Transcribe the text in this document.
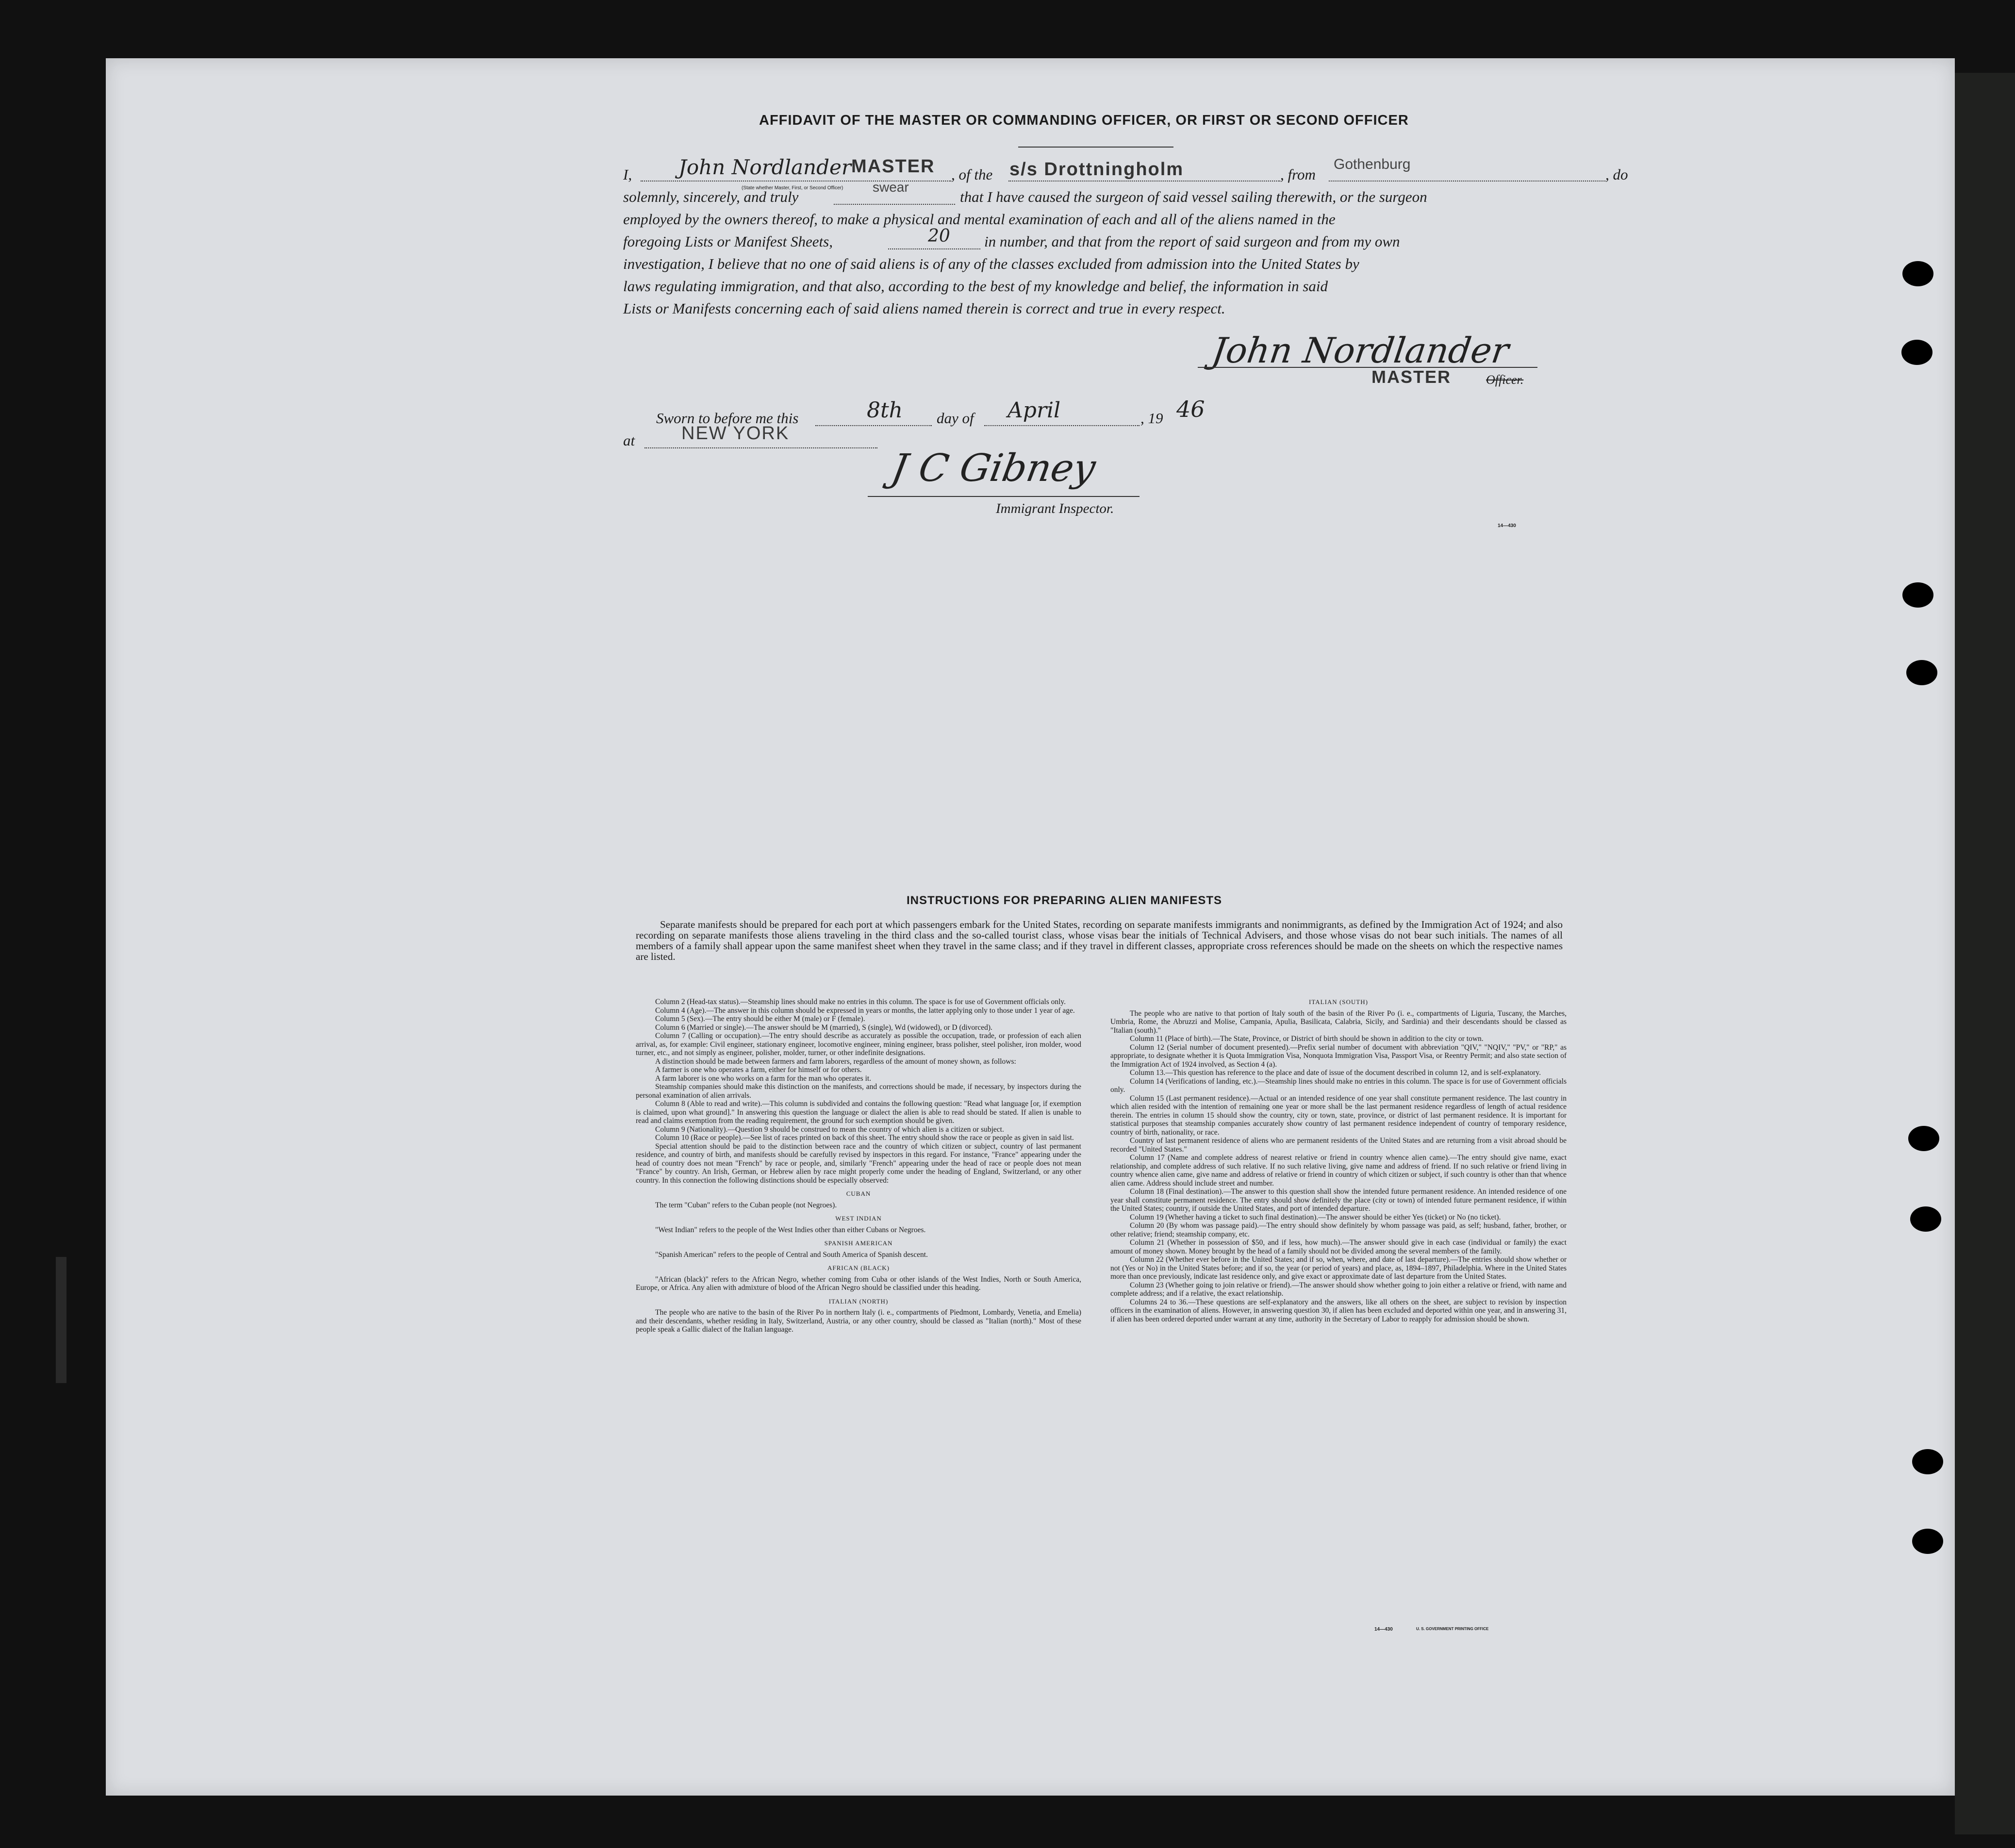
AFFIDAVIT OF THE MASTER OR COMMANDING OFFICER, OR FIRST OR SECOND OFFICER
I, John Nordlander MASTER
(State whether Master, First, or Second Officer)
, of the s/s Drottningholm	, from
Gothenburg
, do
solemnly, sincerely, and truly
swear
that I have caused the surgeon of said vessel sailing therewith, or the surgeon
employed by the owners thereof, to make a physical and mental examination of each and all of the aliens named in the
foregoing Lists or Manifest Sheets,	20 in number, and that from the report of said surgeon and from my own
investigation, I believe that no one of said aliens is of any of the classes excluded from admission into the United States by
laws regulating immigration, and that also, according to the best of my knowledge and belief, the information in said
Lists or Manifests concerning each of said aliens named therein is correct and true in every respect.
John Nordlander
MASTER	Officer.
Sworn to before me this	8th day of April	, 19 46
at	NEW YORK
J C Gibney
Immigrant Inspector.
14—430
INSTRUCTIONS FOR PREPARING ALIEN MANIFESTS
Separate manifests should be prepared for each port at which passengers embark for the United States, recording on separate manifests immigrants and nonimmigrants, as defined by the Immigration Act of 1924; and also recording on separate manifests those aliens traveling in the third class and the so-called tourist class, whose visas bear the initials of Technical Advisers, and those whose visas do not bear such initials. The names of all members of a family shall appear upon the same manifest sheet when they travel in the same class; and if they travel in different classes, appropriate cross references should be made on the sheets on which the respective names are listed.

Column 2 (Head-tax status).—Steamship lines should make no entries in this column. The space is for use of Government officials only.

Column 4 (Age).—The answer in this column should be expressed in years or months, the latter applying only to those under 1 year of age.

Column 5 (Sex).—The entry should be either M (male) or F (female).

Column 6 (Married or single).—The answer should be M (married), S (single), Wd (widowed), or D (divorced).

Column 7 (Calling or occupation).—The entry should describe as accurately as possible the occupation, trade, or profession of each alien arrival, as, for example: Civil engineer, stationary engineer, locomotive engineer, mining engineer, brass polisher, steel polisher, iron molder, wood turner, etc., and not simply as engineer, polisher, molder, turner, or other indefinite designations.

A distinction should be made between farmers and farm laborers, regardless of the amount of money shown, as follows:

A farmer is one who operates a farm, either for himself or for others.

A farm laborer is one who works on a farm for the man who operates it.

Steamship companies should make this distinction on the manifests, and corrections should be made, if necessary, by inspectors during the personal examination of alien arrivals.

Column 8 (Able to read and write).—This column is subdivided and contains the following question: "Read what language [or, if exemption is claimed, upon what ground]." In answering this question the language or dialect the alien is able to read should be stated. If alien is unable to read and claims exemption from the reading requirement, the ground for such exemption should be given.

Column 9 (Nationality).—Question 9 should be construed to mean the country of which alien is a citizen or subject.

Column 10 (Race or people).—See list of races printed on back of this sheet. The entry should show the race or people as given in said list.

Special attention should be paid to the distinction between race and the country of which citizen or subject, country of last permanent residence, and country of birth, and manifests should be carefully revised by inspectors in this regard. For instance, "France" appearing under the head of country does not mean "French" by race or people, and, similarly "French" appearing under the head of race or people does not mean "France" by country. An Irish, German, or Hebrew alien by race might properly come under the heading of England, Switzerland, or any other country. In this connection the following distinctions should be especially observed:

CUBAN

The term "Cuban" refers to the Cuban people (not Negroes).

WEST INDIAN

"West Indian" refers to the people of the West Indies other than either Cubans or Negroes.

SPANISH AMERICAN

"Spanish American" refers to the people of Central and South America of Spanish descent.

AFRICAN (BLACK)

"African (black)" refers to the African Negro, whether coming from Cuba or other islands of the West Indies, North or South America, Europe, or Africa. Any alien with admixture of blood of the African Negro should be classified under this heading.

ITALIAN (NORTH)

The people who are native to the basin of the River Po in northern Italy (i. e., compartments of Piedmont, Lombardy, Venetia, and Emelia) and their descendants, whether residing in Italy, Switzerland, Austria, or any other country, should be classed as "Italian (north)." Most of these people speak a Gallic dialect of the Italian language.

ITALIAN (SOUTH)

The people who are native to that portion of Italy south of the basin of the River Po (i. e., compartments of Liguria, Tuscany, the Marches, Umbria, Rome, the Abruzzi and Molise, Campania, Apulia, Basilicata, Calabria, Sicily, and Sardinia) and their descendants should be classed as "Italian (south)."

Column 11 (Place of birth).—The State, Province, or District of birth should be shown in addition to the city or town.

Column 12 (Serial number of document presented).—Prefix serial number of document with abbreviation "QIV," "NQIV," "PV," or "RP," as appropriate, to designate whether it is Quota Immigration Visa, Nonquota Immigration Visa, Passport Visa, or Reentry Permit; and also state section of the Immigration Act of 1924 involved, as Section 4 (a).

Column 13.—This question has reference to the place and date of issue of the document described in column 12, and is self-explanatory.

Column 14 (Verifications of landing, etc.).—Steamship lines should make no entries in this column. The space is for use of Government officials only.

Column 15 (Last permanent residence).—Actual or an intended residence of one year shall constitute permanent residence. The last country in which alien resided with the intention of remaining one year or more shall be the last permanent residence regardless of length of actual residence therein. The entries in column 15 should show the country, city or town, state, province, or district of last permanent residence. It is important for statistical purposes that steamship companies accurately show country of last permanent residence independent of country of temporary residence, country of birth, nationality, or race.

Country of last permanent residence of aliens who are permanent residents of the United States and are returning from a visit abroad should be recorded "United States."

Column 17 (Name and complete address of nearest relative or friend in country whence alien came).—The entry should give name, exact relationship, and complete address of such relative. If no such relative living, give name and address of friend. If no such relative or friend living in country whence alien came, give name and address of relative or friend in country of which citizen or subject, if such country is other than that whence alien came. Address should include street and number.

Column 18 (Final destination).—The answer to this question shall show the intended future permanent residence. An intended residence of one year shall constitute permanent residence. The entry should show definitely the place (city or town) of intended future permanent residence, if within the United States; country, if outside the United States, and port of intended departure.

Column 19 (Whether having a ticket to such final destination).—The answer should be either Yes (ticket) or No (no ticket).

Column 20 (By whom was passage paid).—The entry should show definitely by whom passage was paid, as self; husband, father, brother, or other relative; friend; steamship company, etc.

Column 21 (Whether in possession of $50, and if less, how much).—The answer should give in each case (individual or family) the exact amount of money shown. Money brought by the head of a family should not be divided among the several members of the family.

Column 22 (Whether ever before in the United States; and if so, when, where, and date of last departure).—The entries should show whether or not (Yes or No) in the United States before; and if so, the year (or period of years) and place, as, 1894–1897, Philadelphia. Where in the United States more than once previously, indicate last residence only, and give exact or approximate date of last departure from the United States.

Column 23 (Whether going to join relative or friend).—The answer should show whether going to join either a relative or friend, with name and complete address; and if a relative, the exact relationship.

Columns 24 to 36.—These questions are self-explanatory and the answers, like all others on the sheet, are subject to revision by inspection officers in the examination of aliens. However, in answering question 30, if alien has been excluded and deported within one year, and in answering 31, if alien has been ordered deported under warrant at any time, authority in the Secretary of Labor to reapply for admission should be shown.

14—430	U. S. GOVERNMENT PRINTING OFFICE
